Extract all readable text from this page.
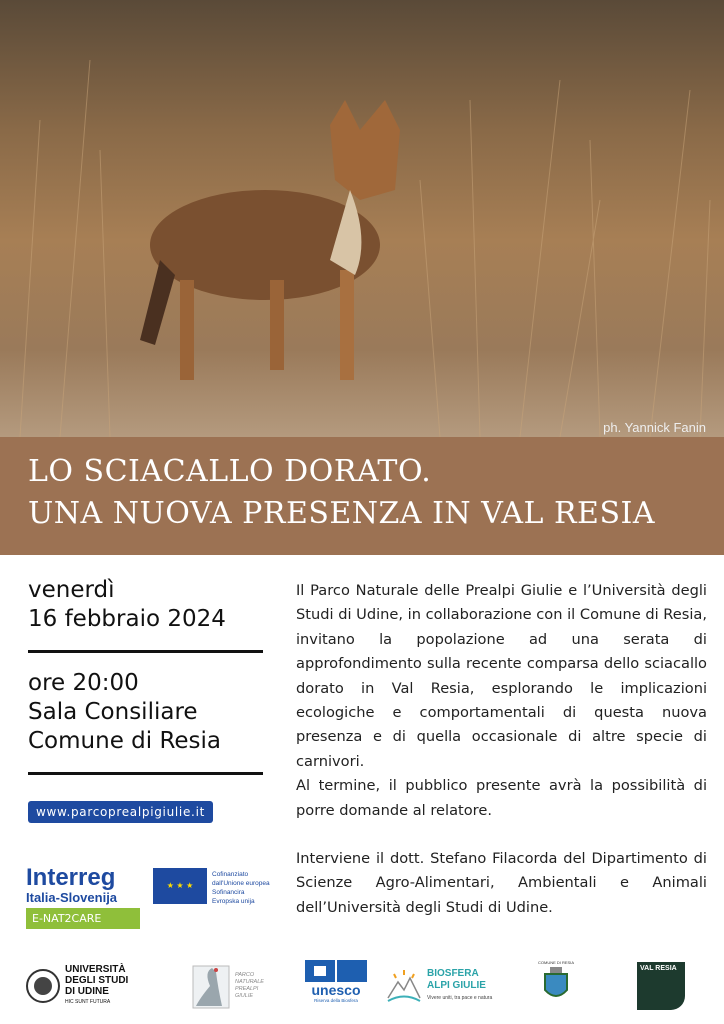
ph. Yannick Fanin
LO SCIACALLO DORATO.
UNA NUOVA PRESENZA IN VAL RESIA
venerdì
16 febbraio 2024
ore 20:00
Sala Consiliare
Comune di Resia
www.parcoprealpigiulie.it
Interreg
Italia-Slovenija
E-NAT2CARE
★ ★ ★
Cofinanziato
dall'Unione europea
Sofinancira
Evropska unija

Il Parco Naturale delle Prealpi Giulie e l’Università degli Studi di Udine, in collaborazione con il Comune di Resia, invitano la popolazione ad una serata di approfondimento sulla recente comparsa dello sciacallo dorato in Val Resia, esplorando le implicazioni ecologiche e comportamentali di questa nuova presenza e di quella occasionale di altre specie di carnivori.

Al termine, il pubblico presente avrà la possibilità di porre domande al relatore.

Interviene il dott. Stefano Filacorda del Dipartimento di Scienze Agro-Alimentari, Ambientali e Animali dell’Università degli Studi di Udine.

UNIVERSITÀ
DEGLI STUDI
DI UDINE
HIC SUNT FUTURA
PARCO
NATURALE
PREALPI
GIULIE	unesco
Riserva della Biosfera
BIOSFERA
ALPI GIULIE
Vivere uniti, tra pace e natura
COMUNE DI RESIA
VAL RESIA
